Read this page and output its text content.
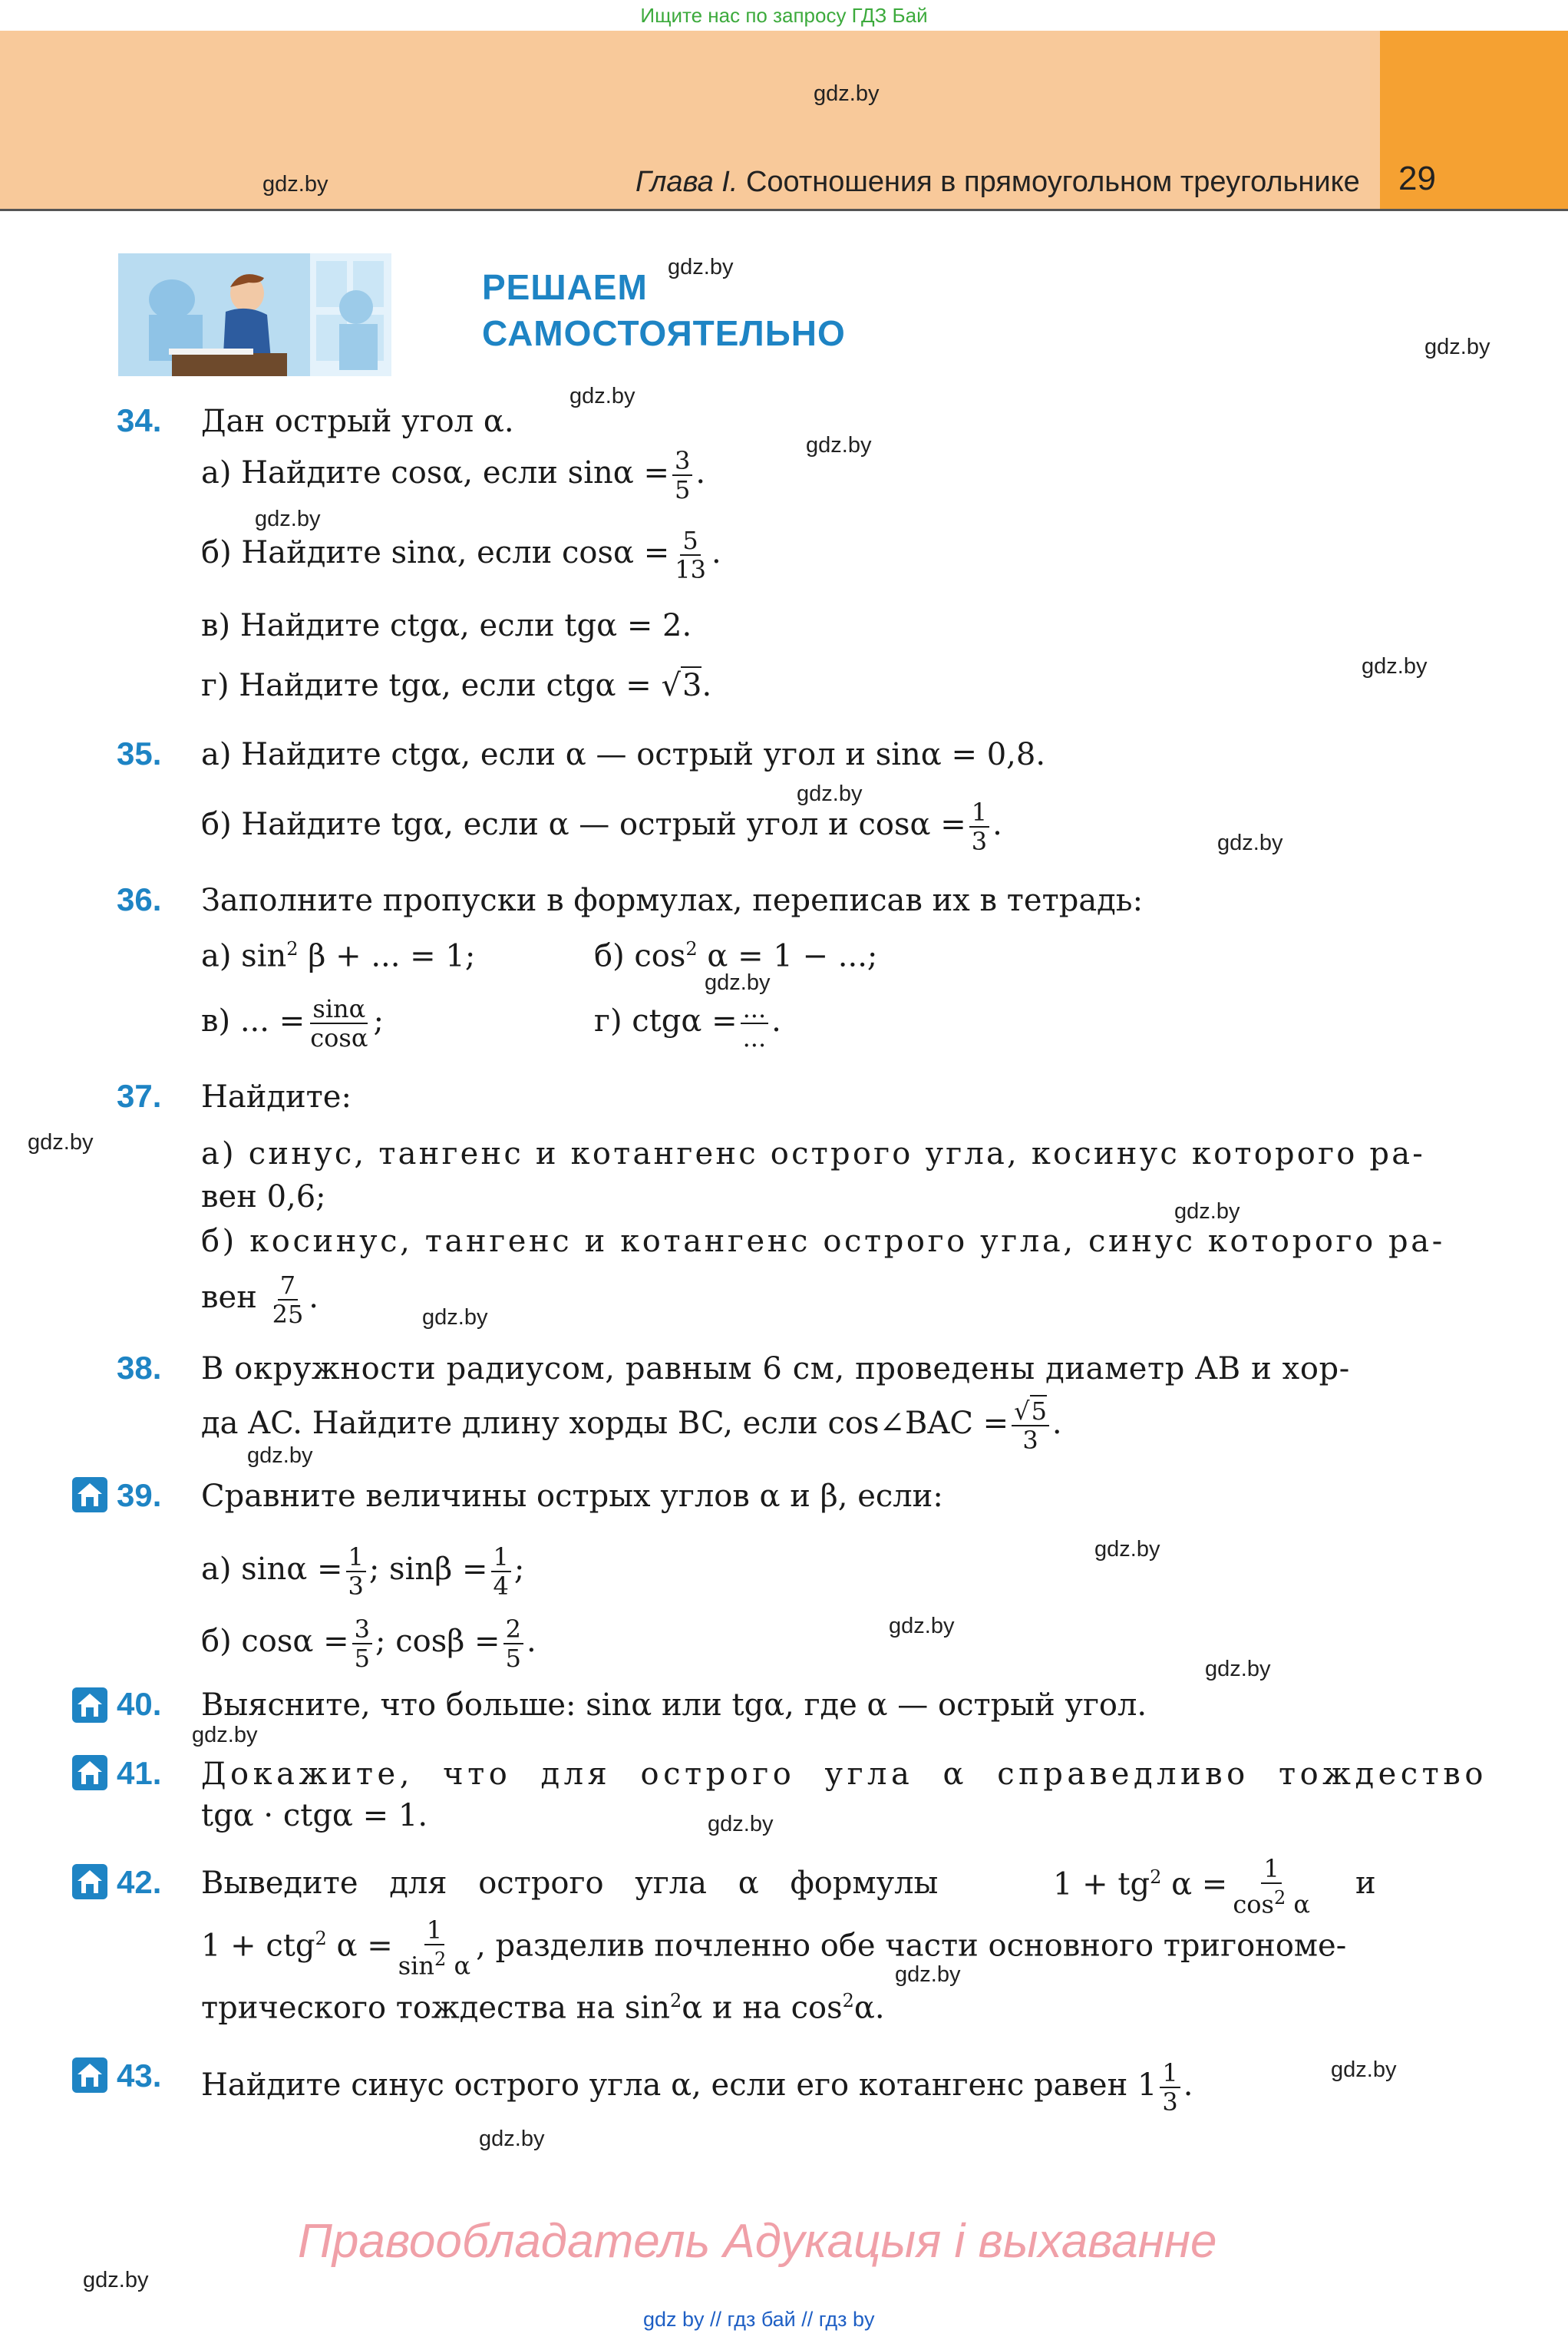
Ищите нас по запросу ГДЗ Бай
gdz.by
gdz.by	Глава I. Соотношения в прямоугольном треугольнике 29
РЕШАЕМ
САМОСТОЯТЕЛЬНО
gdz.by
gdz.by
34. Дан острый угол α.
gdz.by
gdz.by
а) Найдите cosα, если $\sin\alpha = \frac{3}{5}$ .
gdz.by
б) Найдите sinα, если $\cos\alpha = \frac{5}{13}$ .
в) Найдите ctgα, если tgα = 2.
г) Найдите tgα, если ctgα = √3.
gdz.by
35. а) Найдите ctgα, если α — острый угол и sinα = 0,8.
gdz.by
б) Найдите tgα, если α — острый угол и $\cos\alpha = \frac{1}{3}$ .
gdz.by
36. Заполните пропуски в формулах, переписав их в тетрадь:
а) $\sin^2 \beta$ + ... = 1;	б) $\cos^2 \alpha = 1$ − ...;
gdz.by
в) ... = $\frac{\sin\alpha}{\cos\alpha}$ ;	г) $ctg\alpha = \frac{...}{...}$ .
37. Найдите:
gdz.by	а) синус, тангенс и котангенс острого угла, косинус которого ра-
вен 0,6;	gdz.by
б) косинус, тангенс и котангенс острого угла, синус которого ра-
вен $\frac{7}{25}$ .
gdz.by
38. В окружности радиусом, равным 6 см, проведены диаметр AB и хор-
да AC. Найдите длину хорды BC, если cos∠BAC = $\frac{√5}{3}$ .
gdz.by
39. Сравните величины острых углов α и β, если:
а) $\sin\alpha = \frac{1}{3}$ ; $\sin\beta = \frac{1}{4}$ ;
gdz.by
б) $\cos\alpha = \frac{3}{5}$ ; $\cos\beta = \frac{2}{5}$ .	gdz.by
gdz.by
40. Выясните, что больше: sinα или tgα, где α — острый угол.
gdz.by
41. Докажите, что для острого угла α справедливо тождество
tgα · ctgα = 1.	gdz.by
42. Выведите для острого угла α формулы	$1 + tg^2$ $\alpha = \frac{1}{\cos^2 \alpha}$ и
1 + ctg$^2$ $\alpha = \frac{1}{\sin^2 \alpha}$ , разделив почленно обе части основного тригономе-
gdz.by
трического тождества на $\sin^2\alpha$ и на $\cos^2\alpha$.
43. Найдите синус острого угла α, если его котангенс равен $1 \frac{1}{3}$ .	gdz.by
gdz.by
Правообладатель Адукацыя і выхаванне
gdz.by
gdz by // гдз бай // гдз by
